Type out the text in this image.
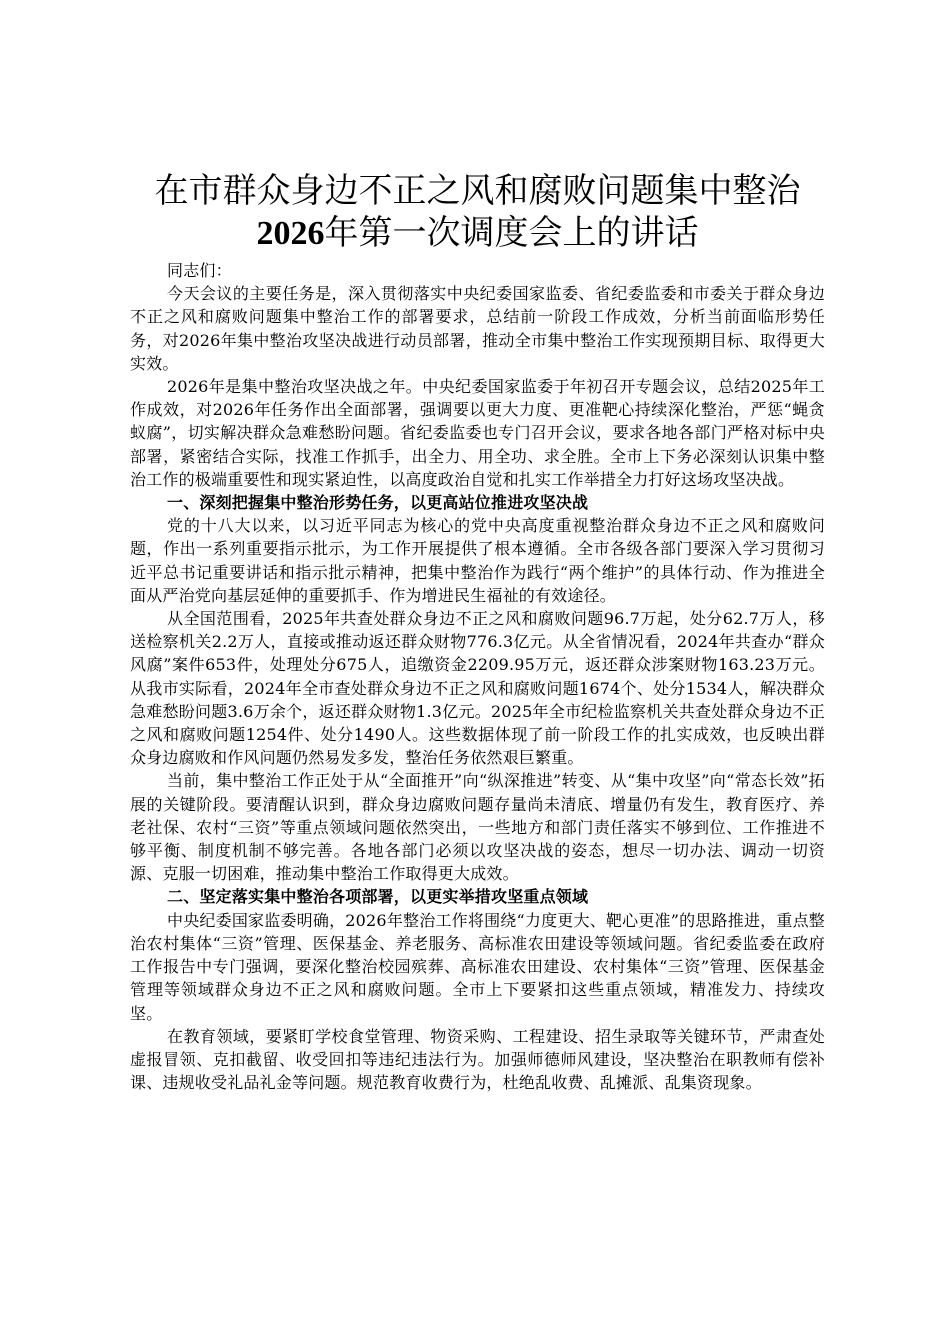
在市群众身边不正之风和腐败问题集中整治
2026年第一次调度会上的讲话

同志们：

今天会议的主要任务是，深入贯彻落实中央纪委国家监委、省纪委监委和市委关于群众身边不正之风和腐败问题集中整治工作的部署要求，总结前一阶段工作成效，分析当前面临形势任务，对2026年集中整治攻坚决战进行动员部署，推动全市集中整治工作实现预期目标、取得更大实效。

2026年是集中整治攻坚决战之年。中央纪委国家监委于年初召开专题会议，总结2025年工作成效，对2026年任务作出全面部署，强调要以更大力度、更准靶心持续深化整治，严惩“蝇贪蚁腐”，切实解决群众急难愁盼问题。省纪委监委也专门召开会议，要求各地各部门严格对标中央部署，紧密结合实际，找准工作抓手，出全力、用全功、求全胜。全市上下务必深刻认识集中整治工作的极端重要性和现实紧迫性，以高度政治自觉和扎实工作举措全力打好这场攻坚决战。

一、深刻把握集中整治形势任务，以更高站位推进攻坚决战

党的十八大以来，以习近平同志为核心的党中央高度重视整治群众身边不正之风和腐败问题，作出一系列重要指示批示，为工作开展提供了根本遵循。全市各级各部门要深入学习贯彻习近平总书记重要讲话和指示批示精神，把集中整治作为践行“两个维护”的具体行动、作为推进全面从严治党向基层延伸的重要抓手、作为增进民生福祉的有效途径。

从全国范围看，2025年共查处群众身边不正之风和腐败问题96.7万起，处分62.7万人，移送检察机关2.2万人，直接或推动返还群众财物776.3亿元。从全省情况看，2024年共查办“群众风腐”案件653件，处理处分675人，追缴资金2209.95万元，返还群众涉案财物163.23万元。从我市实际看，2024年全市查处群众身边不正之风和腐败问题1674个、处分1534人，解决群众急难愁盼问题3.6万余个，返还群众财物1.3亿元。2025年全市纪检监察机关共查处群众身边不正之风和腐败问题1254件、处分1490人。这些数据体现了前一阶段工作的扎实成效，也反映出群众身边腐败和作风问题仍然易发多发，整治任务依然艰巨繁重。

当前，集中整治工作正处于从“全面推开”向“纵深推进”转变、从“集中攻坚”向“常态长效”拓展的关键阶段。要清醒认识到，群众身边腐败问题存量尚未清底、增量仍有发生，教育医疗、养老社保、农村“三资”等重点领域问题依然突出，一些地方和部门责任落实不够到位、工作推进不够平衡、制度机制不够完善。各地各部门必须以攻坚决战的姿态，想尽一切办法、调动一切资源、克服一切困难，推动集中整治工作取得更大成效。

二、坚定落实集中整治各项部署，以更实举措攻坚重点领域

中央纪委国家监委明确，2026年整治工作将围绕“力度更大、靶心更准”的思路推进，重点整治农村集体“三资”管理、医保基金、养老服务、高标准农田建设等领域问题。省纪委监委在政府工作报告中专门强调，要深化整治校园殡葬、高标准农田建设、农村集体“三资”管理、医保基金管理等领域群众身边不正之风和腐败问题。全市上下要紧扣这些重点领域，精准发力、持续攻坚。

在教育领域，要紧盯学校食堂管理、物资采购、工程建设、招生录取等关键环节，严肃查处虚报冒领、克扣截留、收受回扣等违纪违法行为。加强师德师风建设，坚决整治在职教师有偿补课、违规收受礼品礼金等问题。规范教育收费行为，杜绝乱收费、乱摊派、乱集资现象。
